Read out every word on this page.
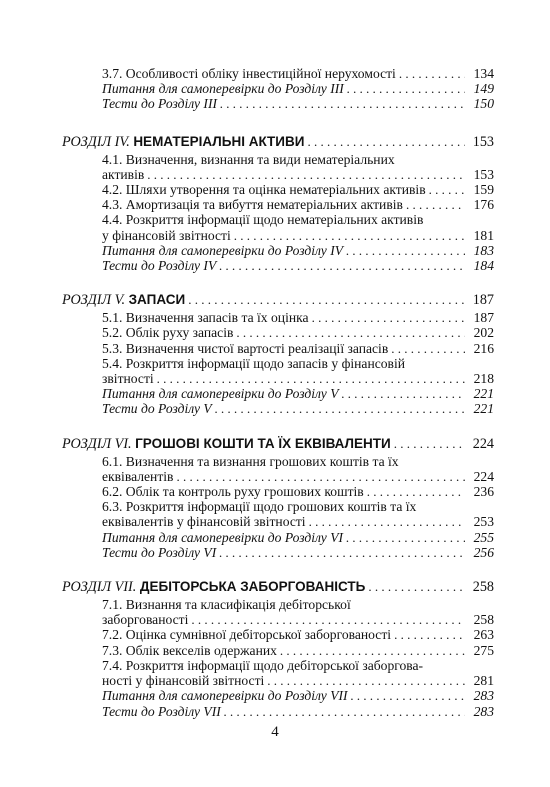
3.7. Особливості обліку інвестиційної нерухомості . . .	134
Питання для самоперевірки до Розділу ІІІ . . .	149
Тести до Розділу ІІІ . . .	150
РОЗДІЛ IV. НЕМАТЕРІАЛЬНІ АКТИВИ . . .	153
4.1. Визначення, визнання та види нематеріальних
активів . . .	153
4.2. Шляхи утворення та оцінка нематеріальних активів . . .	159
4.3. Амортизація та вибуття нематеріальних активів . . .	176
4.4. Розкриття інформації щодо нематеріальних активів
у фінансовій звітності . . .	181
Питання для самоперевірки до Розділу IV . . .	183
Тести до Розділу IV . . .	184
РОЗДІЛ V. ЗАПАСИ . . .	187
5.1. Визначення запасів та їх оцінка . . .	187
5.2. Облік руху запасів . . .	202
5.3. Визначення чистої вартості реалізації запасів . . .	216
5.4. Розкриття інформації щодо запасів у фінансовій
звітності . . .	218
Питання для самоперевірки до Розділу V . . .	221
Тести до Розділу V . . .	221
РОЗДІЛ VI. ГРОШОВІ КОШТИ ТА ЇХ ЕКВІВАЛЕНТИ . . .	224
6.1. Визначення та визнання грошових коштів та їх
еквівалентів . . .	224
6.2. Облік та контроль руху грошових коштів . . .	236
6.3. Розкриття інформації щодо грошових коштів та їх
еквівалентів у фінансовій звітності . . .	253
Питання для самоперевірки до Розділу VI . . .	255
Тести до Розділу VI . . .	256
РОЗДІЛ VII. ДЕБІТОРСЬКА ЗАБОРГОВАНІСТЬ . . .	258
7.1. Визнання та класифікація дебіторської
заборгованості . . .	258
7.2. Оцінка сумнівної дебіторської заборгованості . . .	263
7.3. Облік векселів одержаних . . .	275
7.4. Розкриття інформації щодо дебіторської заборгова-
ності у фінансовій звітності . . .	281
Питання для самоперевірки до Розділу VII . . .	283
Тести до Розділу VII . . .	283
4
